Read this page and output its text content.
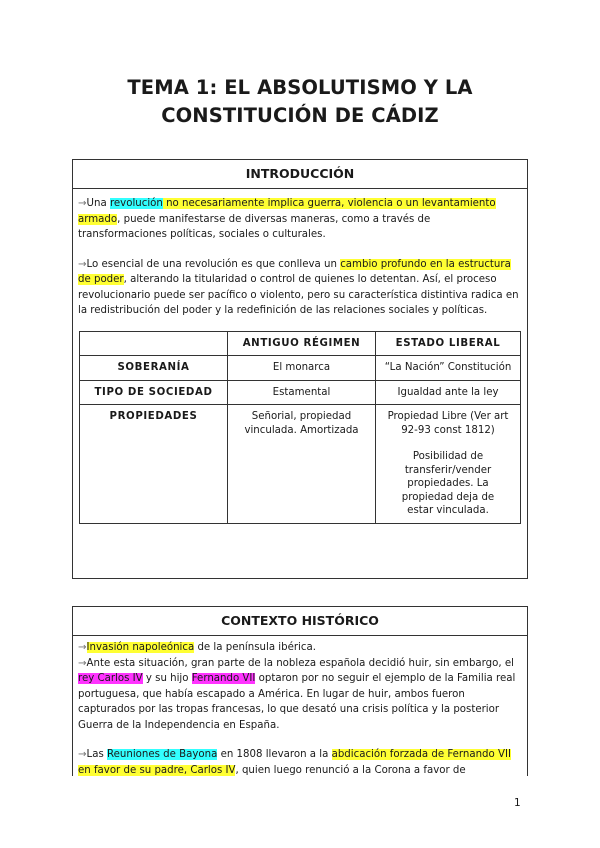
TEMA 1: EL ABSOLUTISMO Y LA
CONSTITUCIÓN DE CÁDIZ
INTRODUCCIÓN

→Una revolución no necesariamente implica guerra, violencia o un levantamiento armado, puede manifestarse de diversas maneras, como a través de transformaciones políticas, sociales o culturales.

→Lo esencial de una revolución es que conlleva un cambio profundo en la estructura de poder, alterando la titularidad o control de quienes lo detentan. Así, el proceso revolucionario puede ser pacífico o violento, pero su característica distintiva radica en la redistribución del poder y la redefinición de las relaciones sociales y políticas.

	ANTIGUO RÉGIMEN	ESTADO LIBERAL
SOBERANÍA	El monarca	“La Nación” Constitución
TIPO DE SOCIEDAD	Estamental	Igualdad ante la ley
PROPIEDADES	Señorial, propiedad vinculada. Amortizada	Propiedad Libre (Ver art 92-93 const 1812)
Posibilidad de transferir/vender propiedades. La propiedad deja de estar vinculada.
CONTEXTO HISTÓRICO

→Invasión napoleónica de la península ibérica.

→Ante esta situación, gran parte de la nobleza española decidió huir, sin embargo, el rey Carlos IV y su hijo Fernando VII optaron por no seguir el ejemplo de la Familia real portuguesa, que había escapado a América. En lugar de huir, ambos fueron capturados por las tropas francesas, lo que desató una crisis política y la posterior Guerra de la Independencia en España.

→Las Reuniones de Bayona en 1808 llevaron a la abdicación forzada de Fernando VII en favor de su padre, Carlos IV, quien luego renunció a la Corona a favor de

1
